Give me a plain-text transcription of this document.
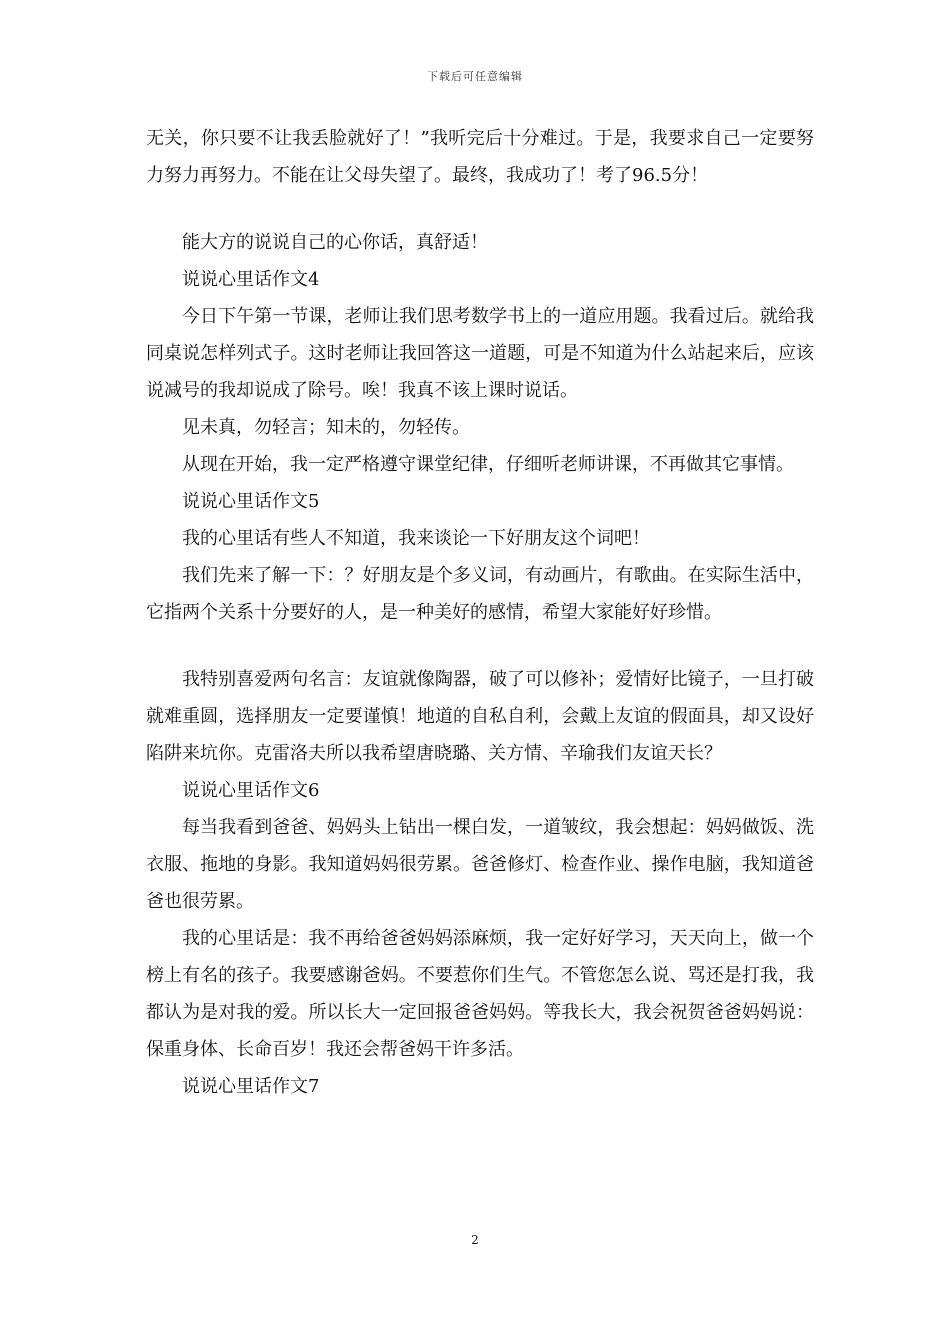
下载后可任意编辑

无关，你只要不让我丢脸就好了！”我听完后十分难过。于是，我要求自己一定要努力努力再努力。不能在让父母失望了。最终，我成功了！考了96.5分！

能大方的说说自己的心你话，真舒适！

说说心里话作文4

今日下午第一节课，老师让我们思考数学书上的一道应用题。我看过后。就给我同桌说怎样列式子。这时老师让我回答这一道题，可是不知道为什么站起来后，应该说减号的我却说成了除号。唉！我真不该上课时说话。

见未真，勿轻言；知未的，勿轻传。

从现在开始，我一定严格遵守课堂纪律，仔细听老师讲课，不再做其它事情。

说说心里话作文5

我的心里话有些人不知道，我来谈论一下好朋友这个词吧！

我们先来了解一下：？好朋友是个多义词，有动画片，有歌曲。在实际生活中，它指两个关系十分要好的人，是一种美好的感情，希望大家能好好珍惜。

我特别喜爱两句名言：友谊就像陶器，破了可以修补；爱情好比镜子，一旦打破就难重圆，选择朋友一定要谨慎！地道的自私自利，会戴上友谊的假面具，却又设好陷阱来坑你。克雷洛夫所以我希望唐晓璐、关方情、辛瑜我们友谊天长？

说说心里话作文6

每当我看到爸爸、妈妈头上钻出一棵白发，一道皱纹，我会想起：妈妈做饭、洗衣服、拖地的身影。我知道妈妈很劳累。爸爸修灯、检查作业、操作电脑，我知道爸爸也很劳累。

我的心里话是：我不再给爸爸妈妈添麻烦，我一定好好学习，天天向上，做一个榜上有名的孩子。我要感谢爸妈。不要惹你们生气。不管您怎么说、骂还是打我，我都认为是对我的爱。所以长大一定回报爸爸妈妈。等我长大，我会祝贺爸爸妈妈说：保重身体、长命百岁！我还会帮爸妈干许多活。

说说心里话作文7

2
